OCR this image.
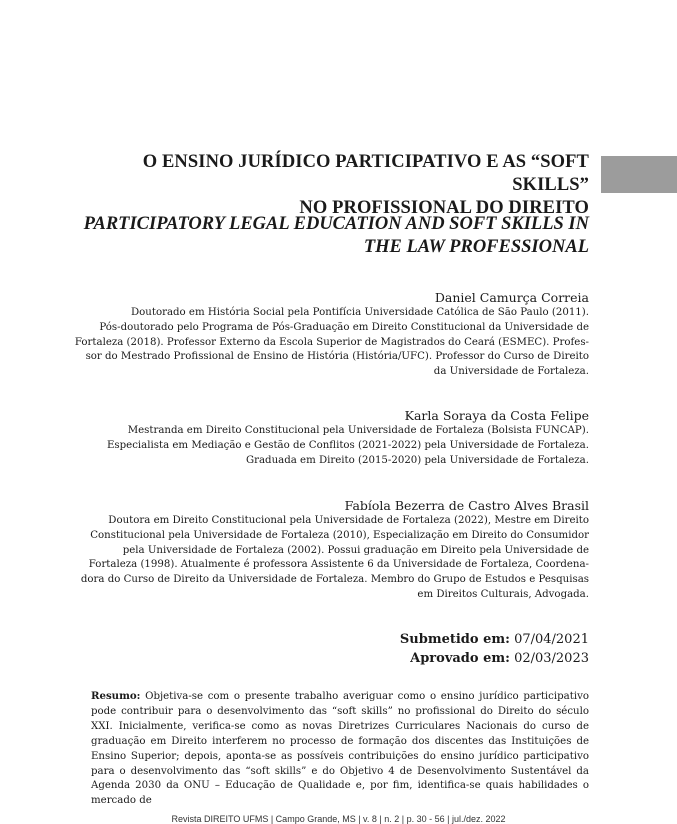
O ENSINO JURÍDICO PARTICIPATIVO E AS “SOFT SKILLS”
NO PROFISSIONAL DO DIREITO
PARTICIPATORY LEGAL EDUCATION AND SOFT SKILLS IN
THE LAW PROFESSIONAL
Daniel Camurça Correia
Doutorado em História Social pela Pontifícia Universidade Católica de São Paulo (2011).
Pós-doutorado pelo Programa de Pós-Graduação em Direito Constitucional da Universidade de
Fortaleza (2018). Professor Externo da Escola Superior de Magistrados do Ceará (ESMEC). Profes-
sor do Mestrado Profissional de Ensino de História (História/UFC). Professor do Curso de Direito
da Universidade de Fortaleza.
Karla Soraya da Costa Felipe
Mestranda em Direito Constitucional pela Universidade de Fortaleza (Bolsista FUNCAP).
Especialista em Mediação e Gestão de Conflitos (2021-2022) pela Universidade de Fortaleza.
Graduada em Direito (2015-2020) pela Universidade de Fortaleza.
Fabíola Bezerra de Castro Alves Brasil
Doutora em Direito Constitucional pela Universidade de Fortaleza (2022), Mestre em Direito
Constitucional pela Universidade de Fortaleza (2010), Especialização em Direito do Consumidor
pela Universidade de Fortaleza (2002). Possui graduação em Direito pela Universidade de
Fortaleza (1998). Atualmente é professora Assistente 6 da Universidade de Fortaleza, Coordena-
dora do Curso de Direito da Universidade de Fortaleza. Membro do Grupo de Estudos e Pesquisas
em Direitos Culturais, Advogada.
Submetido em: 07/04/2021
Aprovado em: 02/03/2023
Resumo: Objetiva-se com o presente trabalho averiguar como o ensino jurídico participativo pode contribuir para o desenvolvimento das “soft skills” no profissional do Direito do século XXI. Inicialmente, verifica-se como as novas Diretrizes Curriculares Nacionais do curso de graduação em Direito interferem no processo de formação dos discentes das Instituições de Ensino Superior; depois, aponta-se as possíveis contribuições do ensino jurídico participativo para o desenvolvimento das “soft skills” e do Objetivo 4 de Desenvolvimento Sustentável da Agenda 2030 da ONU – Educação de Qualidade e, por fim, identifica-se quais habilidades o mercado de
Revista DIREITO UFMS | Campo Grande, MS | v. 8 | n. 2 | p. 30 - 56 | jul./dez. 2022
